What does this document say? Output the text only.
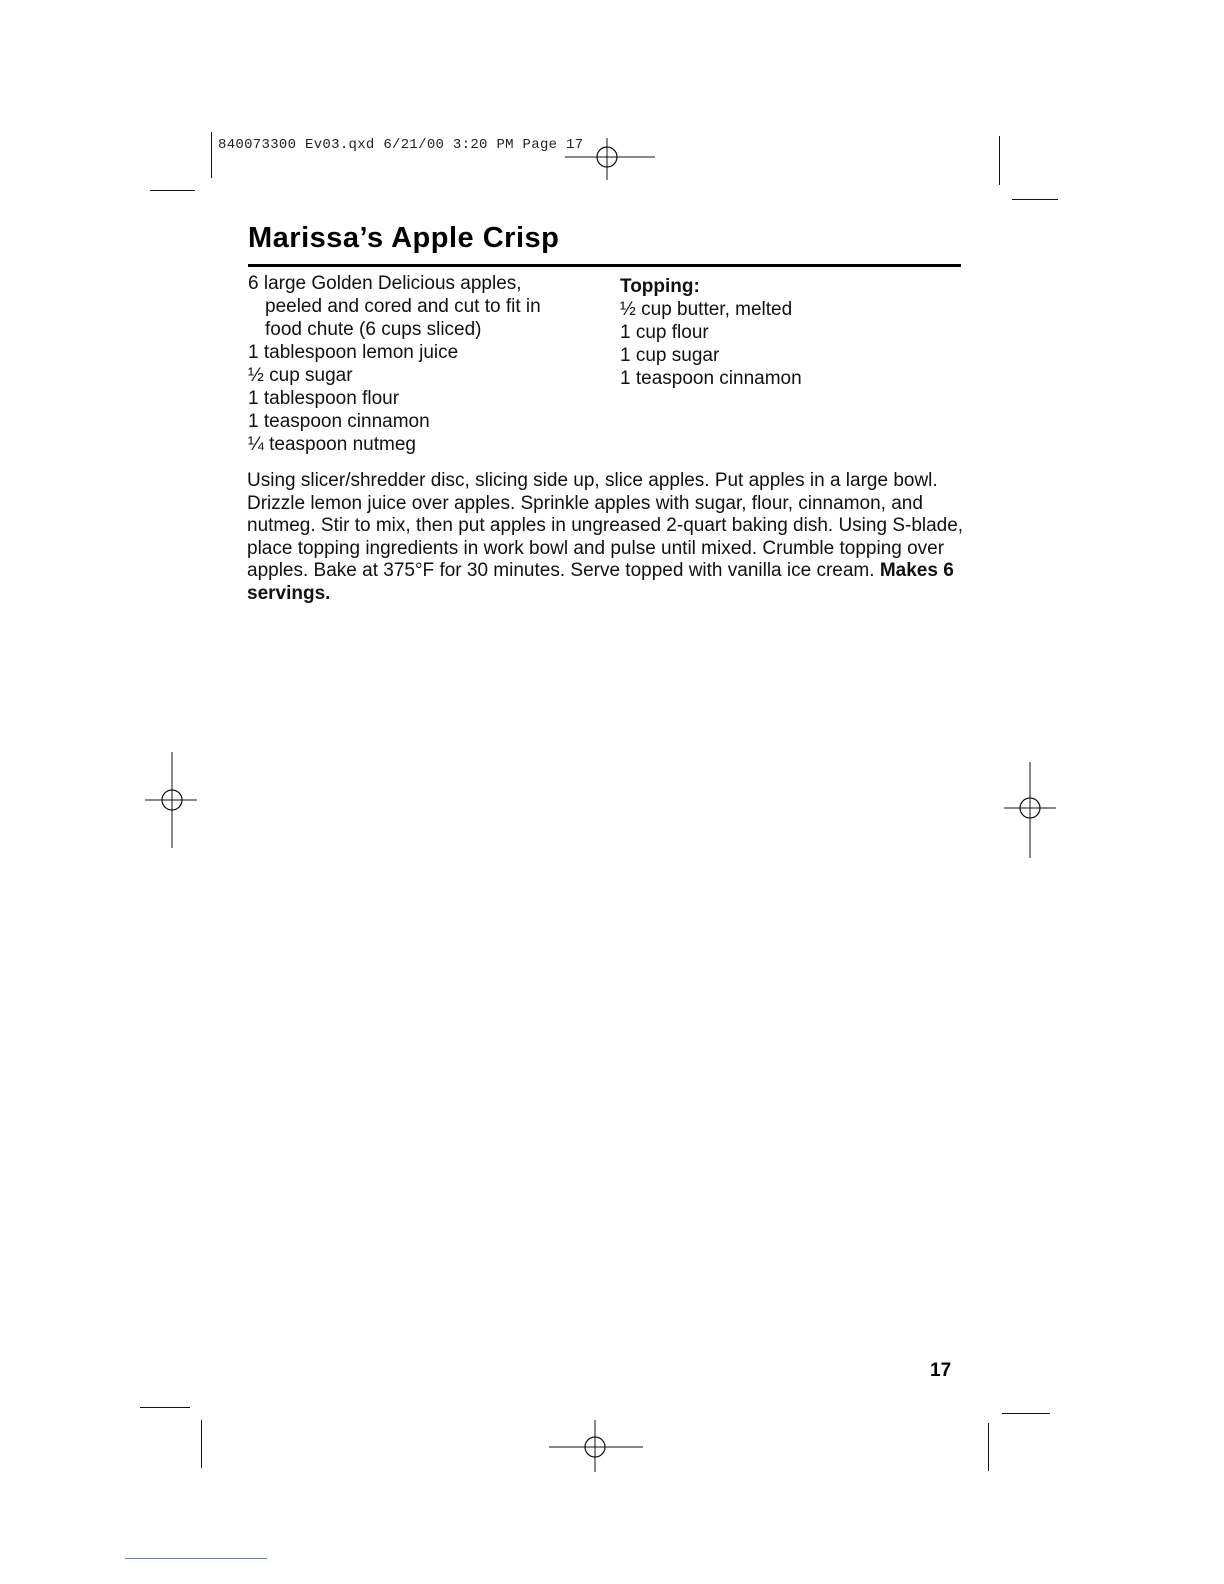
840073300 Ev03.qxd 6/21/00 3:20 PM Page 17
Marissa’s Apple Crisp
6 large Golden Delicious apples,
peeled and cored and cut to fit in
food chute (6 cups sliced)
1 tablespoon lemon juice
½ cup sugar
1 tablespoon flour
1 teaspoon cinnamon
¼ teaspoon nutmeg
Topping:
½ cup butter, melted
1 cup flour
1 cup sugar
1 teaspoon cinnamon
Using slicer/shredder disc, slicing side up, slice apples. Put apples in a large bowl. Drizzle lemon juice over apples. Sprinkle apples with sugar, flour, cinnamon, and nutmeg. Stir to mix, then put apples in ungreased 2-quart baking dish. Using S-blade, place topping ingredients in work bowl and pulse until mixed. Crumble topping over apples. Bake at 375°F for 30 minutes. Serve topped with vanilla ice cream. Makes 6 servings.
17
